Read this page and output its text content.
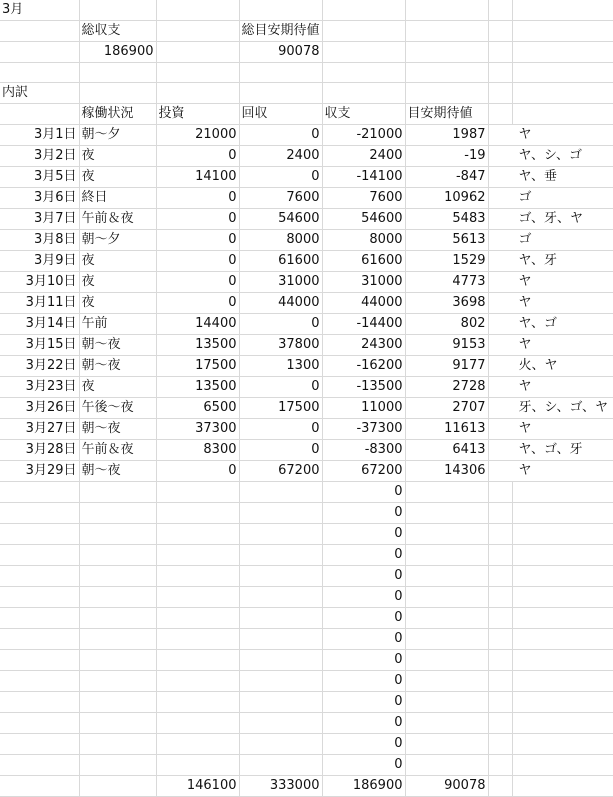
3月							
	総収支		総目安期待値				
	186900		90078				

内訳							
	稼働状況	投資	回収	収支	目安期待値		
3月1日	朝～夕	21000	0	-21000	1987	ヤ	
3月2日	夜	0	2400	2400	-19	ヤ、シ、ゴ	
3月5日	夜	14100	0	-14100	-847	ヤ、垂	
3月6日	終日	0	7600	7600	10962	ゴ	
3月7日	午前＆夜	0	54600	54600	5483	ゴ、牙、ヤ	
3月8日	朝～夕	0	8000	8000	5613	ゴ	
3月9日	夜	0	61600	61600	1529	ヤ、牙	
3月10日	夜	0	31000	31000	4773	ヤ	
3月11日	夜	0	44000	44000	3698	ヤ	
3月14日	午前	14400	0	-14400	802	ヤ、ゴ	
3月15日	朝～夜	13500	37800	24300	9153	ヤ	
3月22日	朝～夜	17500	1300	-16200	9177	火、ヤ	
3月23日	夜	13500	0	-13500	2728	ヤ	
3月26日	午後～夜	6500	17500	11000	2707	牙、シ、ゴ、ヤ	
3月27日	朝～夜	37300	0	-37300	11613	ヤ	
3月28日	午前＆夜	8300	0	-8300	6413	ヤ、ゴ、牙	
3月29日	朝～夜	0	67200	67200	14306	ヤ	
				0			
				0			
				0			
				0			
				0			
				0			
				0			
				0			
				0			
				0			
				0			
				0			
				0			
				0			
		146100	333000	186900	90078		
